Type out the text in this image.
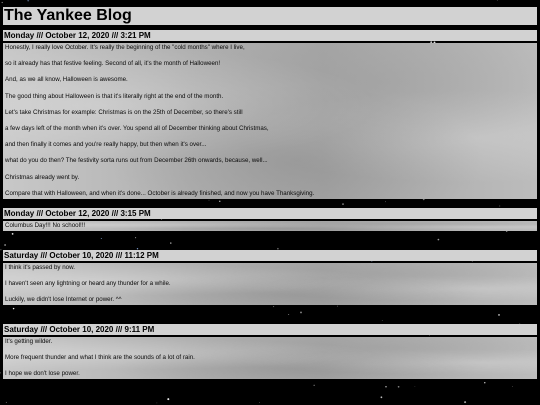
The Yankee Blog
Monday /// October 12, 2020 /// 3:21 PM
Honestly, I really love October. It's really the beginning of the "cold months" where I live,
so it already has that festive feeling. Second of all, it's the month of Halloween!
And, as we all know, Halloween is awesome.
The good thing about Halloween is that it's literally right at the end of the month.
Let's take Christmas for example: Christmas is on the 25th of December, so there's still
a few days left of the month when it's over. You spend all of December thinking about Christmas,
and then finally it comes and you're really happy, but then when it's over...
what do you do then? The festivity sorta runs out from December 26th onwards, because, well...
Christmas already went by.
Compare that with Halloween, and when it's done... October is already finished, and now you have Thanksgiving.
Monday /// October 12, 2020 /// 3:15 PM
Columbus Day!!! No school!!!
Saturday /// October 10, 2020 /// 11:12 PM
I think it's passed by now.
I haven't seen any lightning or heard any thunder for a while.
Luckily, we didn't lose Internet or power. ^^
Saturday /// October 10, 2020 /// 9:11 PM
It's getting wilder.
More frequent thunder and what I think are the sounds of a lot of rain.
I hope we don't lose power.
